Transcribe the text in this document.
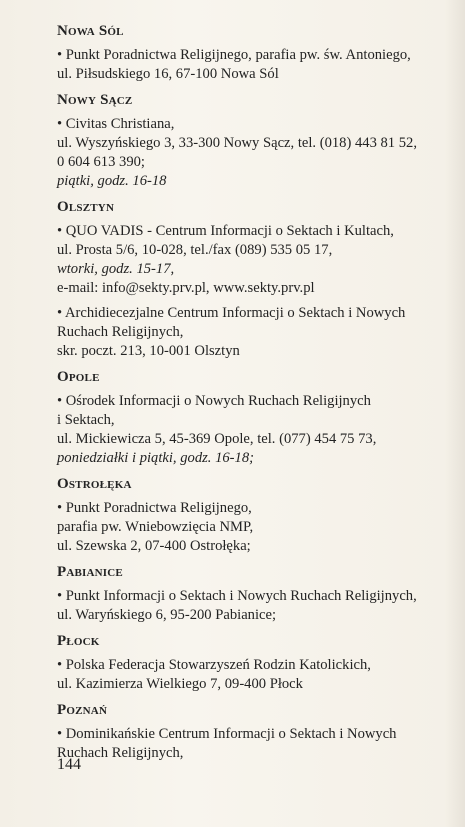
Nowa Sól
• Punkt Poradnictwa Religijnego, parafia pw. św. Antoniego,
ul. Piłsudskiego 16, 67-100 Nowa Sól
Nowy Sącz
• Civitas Christiana,
ul. Wyszyńskiego 3, 33-300 Nowy Sącz, tel. (018) 443 81 52,
0 604 613 390;
piątki, godz. 16-18
Olsztyn
• QUO VADIS - Centrum Informacji o Sektach i Kultach,
ul. Prosta 5/6, 10-028, tel./fax (089) 535 05 17,
wtorki, godz. 15-17,
e-mail: info@sekty.prv.pl, www.sekty.prv.pl
• Archidiecezjalne Centrum Informacji o Sektach i Nowych
Ruchach Religijnych,
skr. poczt. 213, 10-001 Olsztyn
Opole
• Ośrodek Informacji o Nowych Ruchach Religijnych
i Sektach,
ul. Mickiewicza 5, 45-369 Opole, tel. (077) 454 75 73,
poniedziałki i piątki, godz. 16-18;
Ostrołęka
• Punkt Poradnictwa Religijnego,
parafia pw. Wniebowzięcia NMP,
ul. Szewska 2, 07-400 Ostrołęka;
Pabianice
• Punkt Informacji o Sektach i Nowych Ruchach Religijnych,
ul. Waryńskiego 6, 95-200 Pabianice;
Płock
• Polska Federacja Stowarzyszeń Rodzin Katolickich,
ul. Kazimierza Wielkiego 7, 09-400 Płock
Poznań
• Dominikańskie Centrum Informacji o Sektach i Nowych
Ruchach Religijnych,
144
